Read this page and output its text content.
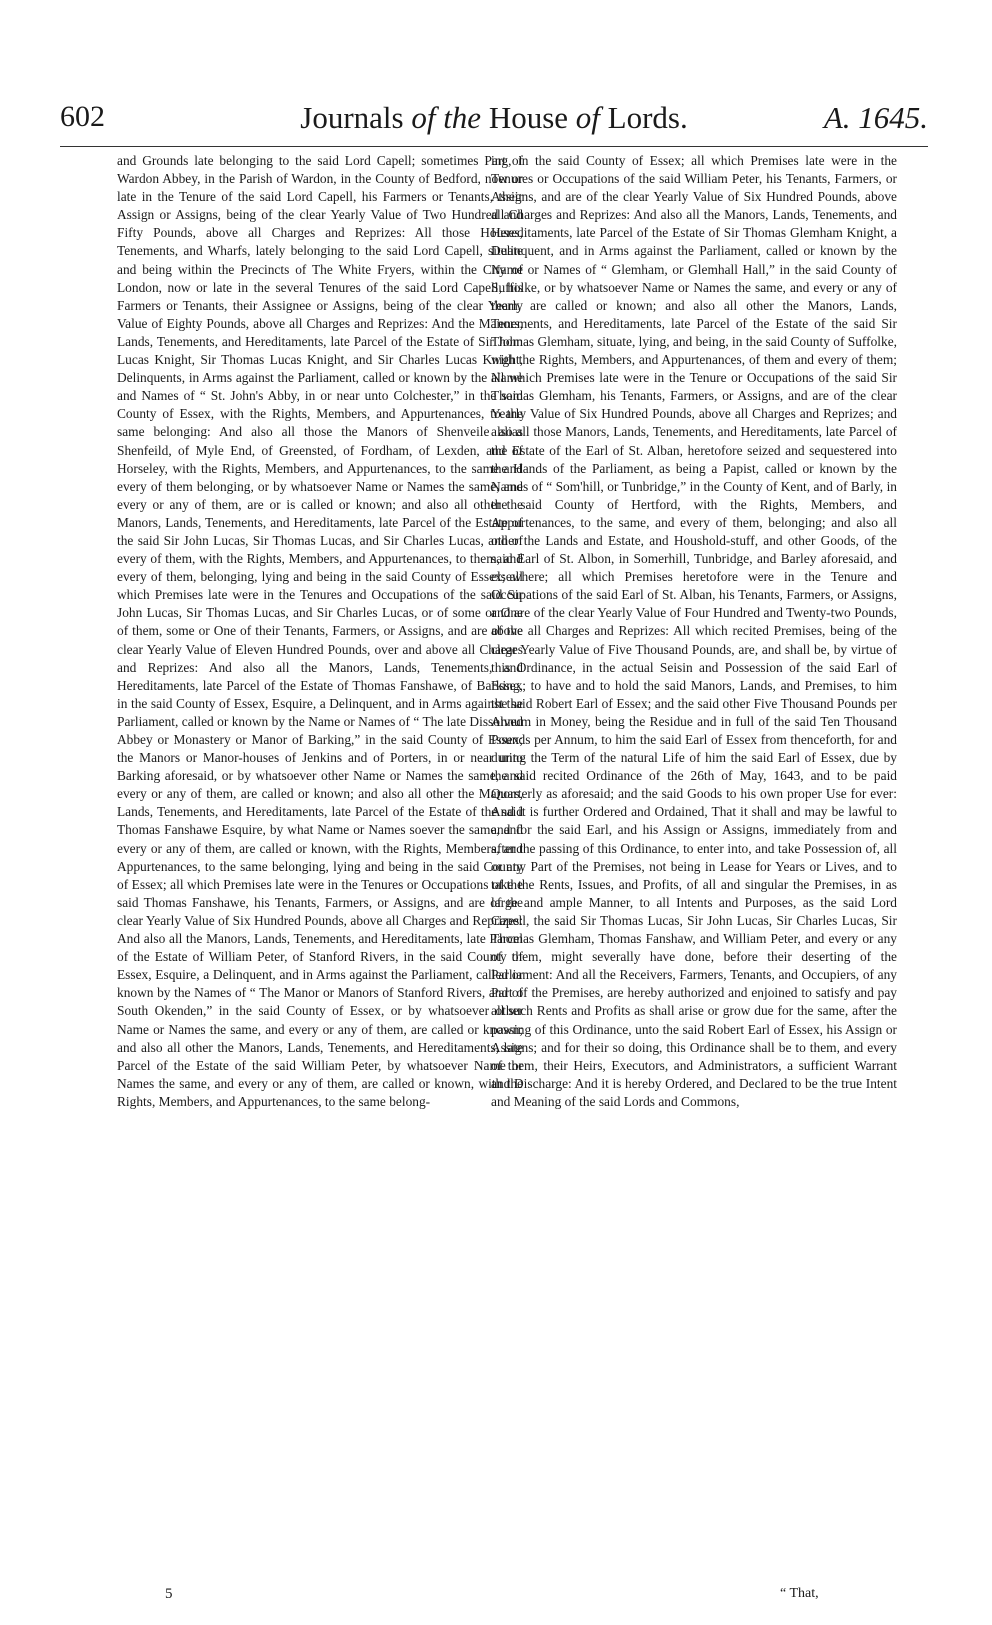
602	Journals of the House of Lords.	A. 1645.

and Grounds late belonging to the said Lord Capell; sometimes Part of Wardon Abbey, in the Parish of Wardon, in the County of Bedford, now or late in the Tenure of the said Lord Capell, his Farmers or Tenants, their Assign or Assigns, being of the clear Yearly Value of Two Hundred and Fifty Pounds, above all Charges and Reprizes: All those Houses, Tenements, and Wharfs, lately belonging to the said Lord Capell, situate and being within the Precincts of The White Fryers, within the City of London, now or late in the several Tenures of the said Lord Capell, his Farmers or Tenants, their Assignee or Assigns, being of the clear Yearly Value of Eighty Pounds, above all Charges and Reprizes: And the Manors, Lands, Tenements, and Hereditaments, late Parcel of the Estate of Sir John Lucas Knight, Sir Thomas Lucas Knight, and Sir Charles Lucas Knight, Delinquents, in Arms against the Parliament, called or known by the Name and Names of “ St. John's Abby, in or near unto Colchester,” in the said County of Essex, with the Rights, Members, and Appurtenances, to the same belonging: And also all those the Manors of Shenveile alias Shenfeild, of Myle End, of Greensted, of Fordham, of Lexden, and of Horseley, with the Rights, Members, and Appurtenances, to the same and every of them belonging, or by whatsoever Name or Names the same, and every or any of them, are or is called or known; and also all other the Manors, Lands, Tenements, and Hereditaments, late Parcel of the Estate of the said Sir John Lucas, Sir Thomas Lucas, and Sir Charles Lucas, and of every of them, with the Rights, Members, and Appurtenances, to them, and every of them, belonging, lying and being in the said County of Essex; all which Premises late were in the Tenures and Occupations of the said Sir John Lucas, Sir Thomas Lucas, and Sir Charles Lucas, or of some or One of them, some or One of their Tenants, Farmers, or Assigns, and are of the clear Yearly Value of Eleven Hundred Pounds, over and above all Charges and Reprizes: And also all the Manors, Lands, Tenements, and Hereditaments, late Parcel of the Estate of Thomas Fanshawe, of Barking, in the said County of Essex, Esquire, a Delinquent, and in Arms against the Parliament, called or known by the Name or Names of “ The late Dissolved Abbey or Monastery or Manor of Barking,” in the said County of Essex; the Manors or Manor-houses of Jenkins and of Porters, in or near unto Barking aforesaid, or by whatsoever other Name or Names the same, and every or any of them, are called or known; and also all other the Manors, Lands, Tenements, and Hereditaments, late Parcel of the Estate of the said Thomas Fanshawe Esquire, by what Name or Names soever the same, and every or any of them, are called or known, with the Rights, Members, and Appurtenances, to the same belonging, lying and being in the said County of Essex; all which Premises late were in the Tenures or Occupations of the said Thomas Fanshawe, his Tenants, Farmers, or Assigns, and are of the clear Yearly Value of Six Hundred Pounds, above all Charges and Reprizes: And also all the Manors, Lands, Tenements, and Hereditaments, late Parcel of the Estate of William Peter, of Stanford Rivers, in the said County of Essex, Esquire, a Delinquent, and in Arms against the Parliament, called or known by the Names of “ The Manor or Manors of Stanford Rivers, and of South Okenden,” in the said County of Essex, or by whatsoever other Name or Names the same, and every or any of them, are called or known; and also all other the Manors, Lands, Tenements, and Hereditaments, late Parcel of the Estate of the said William Peter, by whatsoever Name or Names the same, and every or any of them, are called or known, with the Rights, Members, and Appurtenances, to the same belong-

ing, in the said County of Essex; all which Premises late were in the Tenures or Occupations of the said William Peter, his Tenants, Farmers, or Assigns, and are of the clear Yearly Value of Six Hundred Pounds, above all Charges and Reprizes: And also all the Manors, Lands, Tenements, and Hereditaments, late Parcel of the Estate of Sir Thomas Glemham Knight, a Delinquent, and in Arms against the Parliament, called or known by the Name or Names of “ Glemham, or Glemhall Hall,” in the said County of Suffolke, or by whatsoever Name or Names the same, and every or any of them, are called or known; and also all other the Manors, Lands, Tenements, and Hereditaments, late Parcel of the Estate of the said Sir Thomas Glemham, situate, lying, and being, in the said County of Suffolke, with the Rights, Members, and Appurtenances, of them and every of them; all which Premises late were in the Tenure or Occupations of the said Sir Thomas Glemham, his Tenants, Farmers, or Assigns, and are of the clear Yearly Value of Six Hundred Pounds, above all Charges and Reprizes; and also all those Manors, Lands, Tenements, and Hereditaments, late Parcel of the Estate of the Earl of St. Alban, heretofore seized and sequestered into the Hands of the Parliament, as being a Papist, called or known by the Names of “ Som'hill, or Tunbridge,” in the County of Kent, and of Barly, in the said County of Hertford, with the Rights, Members, and Appurtenances, to the same, and every of them, belonging; and also all other the Lands and Estate, and Houshold-stuff, and other Goods, of the said Earl of St. Albon, in Somerhill, Tunbridge, and Barley aforesaid, and elsewhere; all which Premises heretofore were in the Tenure and Occupations of the said Earl of St. Alban, his Tenants, Farmers, or Assigns, and are of the clear Yearly Value of Four Hundred and Twenty-two Pounds, above all Charges and Reprizes: All which recited Premises, being of the clear Yearly Value of Five Thousand Pounds, are, and shall be, by virtue of this Ordinance, in the actual Seisin and Possession of the said Earl of Essex; to have and to hold the said Manors, Lands, and Premises, to him the said Robert Earl of Essex; and the said other Five Thousand Pounds per Annum in Money, being the Residue and in full of the said Ten Thousand Pounds per Annum, to him the said Earl of Essex from thenceforth, for and during the Term of the natural Life of him the said Earl of Essex, due by the said recited Ordinance of the 26th of May, 1643, and to be paid Quarterly as aforesaid; and the said Goods to his own proper Use for ever: And it is further Ordered and Ordained, That it shall and may be lawful to and for the said Earl, and his Assign or Assigns, immediately from and after the passing of this Ordinance, to enter into, and take Possession of, all or any Part of the Premises, not being in Lease for Years or Lives, and to take the Rents, Issues, and Profits, of all and singular the Premises, in as large and ample Manner, to all Intents and Purposes, as the said Lord Capell, the said Sir Thomas Lucas, Sir John Lucas, Sir Charles Lucas, Sir Thomas Glemham, Thomas Fanshaw, and William Peter, and every or any of them, might severally have done, before their deserting of the Parliament: And all the Receivers, Farmers, Tenants, and Occupiers, of any Part of the Premises, are hereby authorized and enjoined to satisfy and pay all such Rents and Profits as shall arise or grow due for the same, after the passing of this Ordinance, unto the said Robert Earl of Essex, his Assign or Assigns; and for their so doing, this Ordinance shall be to them, and every of them, their Heirs, Executors, and Administrators, a sufficient Warrant and Discharge: And it is hereby Ordered, and Declared to be the true Intent and Meaning of the said Lords and Commons,

5	“ That,
